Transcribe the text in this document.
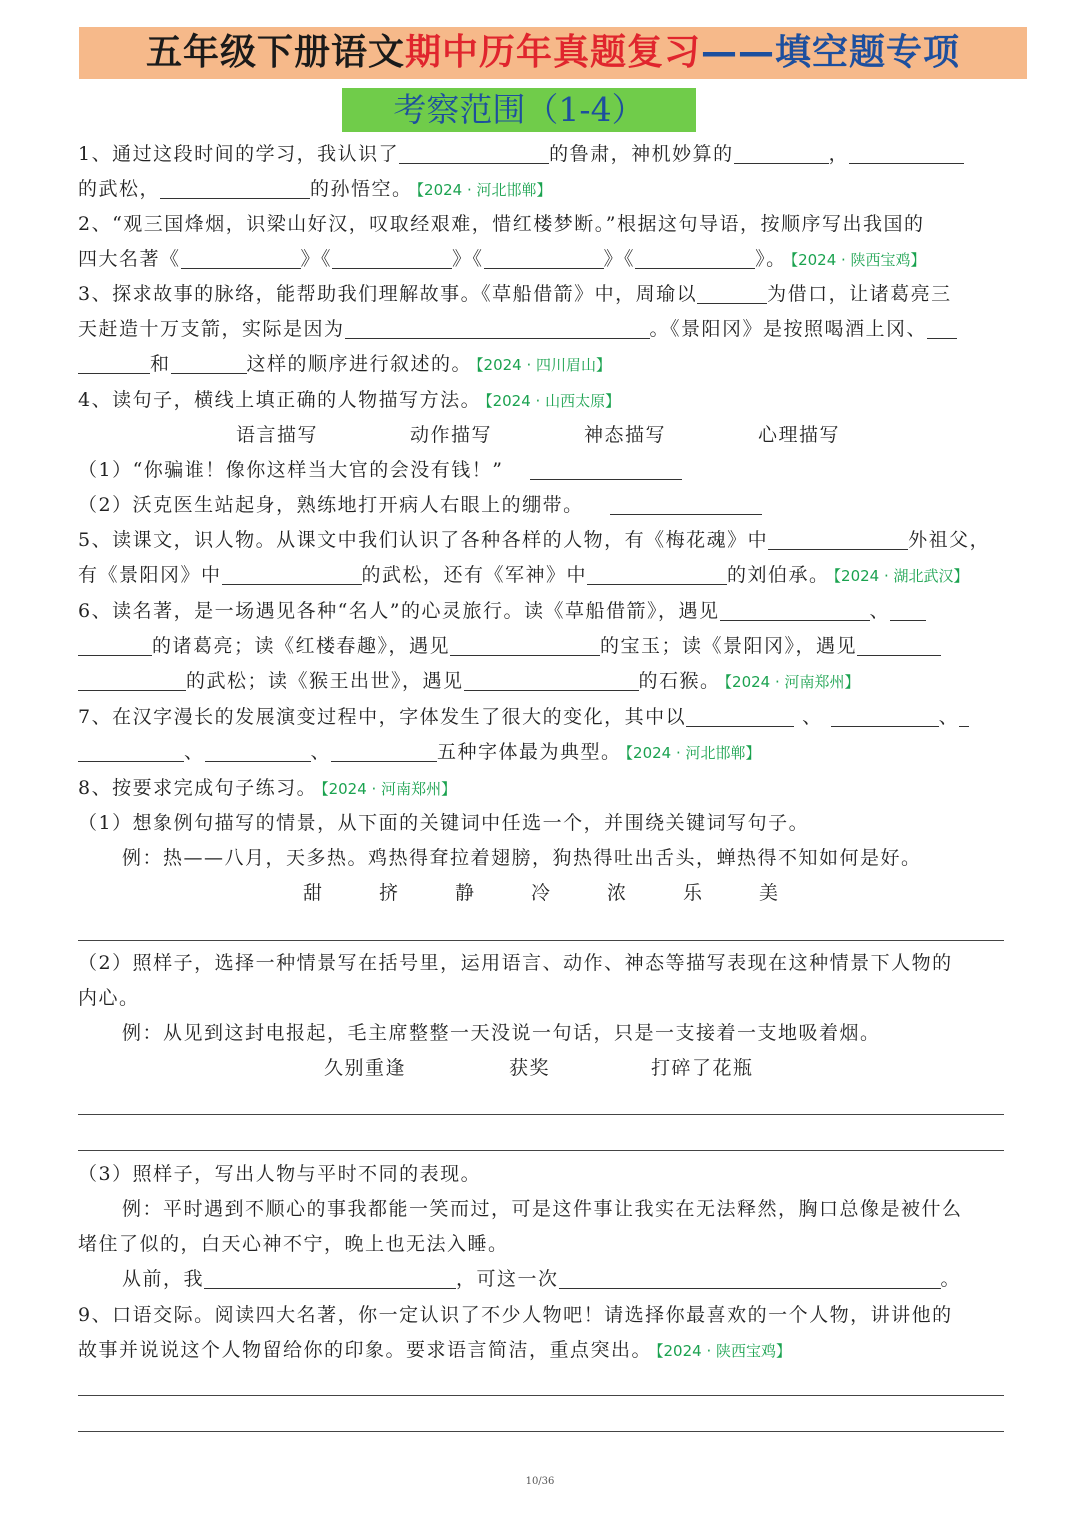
五年级下册语文期中历年真题复习——填空题专项
考察范围（1-4）
1、通过这段时间的学习，我认识了	的鲁肃，神机妙算的	，
的武松，	的孙悟空。 【2024 · 河北邯郸】
2、“观三国烽烟，识梁山好汉，叹取经艰难，惜红楼梦断。”根据这句导语，按顺序写出我国的
四大名著《	》《	》《	》《	》。 【2024 · 陕西宝鸡】
3、探求故事的脉络，能帮助我们理解故事。《草船借箭》中，周瑜以	为借口，让诸葛亮三
天赶造十万支箭，实际是因为	。《景阳冈》是按照喝酒上冈、
和	这样的顺序进行叙述的。 【2024 · 四川眉山】
4、读句子，横线上填正确的人物描写方法。 【2024 · 山西太原】
语言描写	动作描写	神态描写	心理描写
（1）“你骗谁！像你这样当大官的会没有钱！”
（2）沃克医生站起身，熟练地打开病人右眼上的绷带。
5、读课文，识人物。从课文中我们认识了各种各样的人物，有《梅花魂》中	外祖父，
有《景阳冈》中	的武松，还有《军神》中	的刘伯承。 【2024 · 湖北武汉】
6、读名著，是一场遇见各种“名人”的心灵旅行。读《草船借箭》，遇见	、
的诸葛亮；读《红楼春趣》，遇见	的宝玉；读《景阳冈》，遇见
的武松；读《猴王出世》，遇见	的石猴。 【2024 · 河南郑州】
7、在汉字漫长的发展演变过程中，字体发生了很大的变化，其中以	、	、
、	、	五种字体最为典型。 【2024 · 河北邯郸】
8、按要求完成句子练习。 【2024 · 河南郑州】
（1）想象例句描写的情景，从下面的关键词中任选一个，并围绕关键词写句子。
例：热——八月，天多热。鸡热得耷拉着翅膀，狗热得吐出舌头，蝉热得不知如何是好。
甜	挤	静	冷	浓	乐	美
（2）照样子，选择一种情景写在括号里，运用语言、动作、神态等描写表现在这种情景下人物的
内心。
例：从见到这封电报起，毛主席整整一天没说一句话，只是一支接着一支地吸着烟。
久别重逢	获奖	打碎了花瓶
（3）照样子，写出人物与平时不同的表现。
例：平时遇到不顺心的事我都能一笑而过，可是这件事让我实在无法释然，胸口总像是被什么
堵住了似的，白天心神不宁，晚上也无法入睡。
从前，我	，可这一次	。
9、口语交际。阅读四大名著，你一定认识了不少人物吧！请选择你最喜欢的一个人物，讲讲他的
故事并说说这个人物留给你的印象。要求语言简洁，重点突出。 【2024 · 陕西宝鸡】
10/36
